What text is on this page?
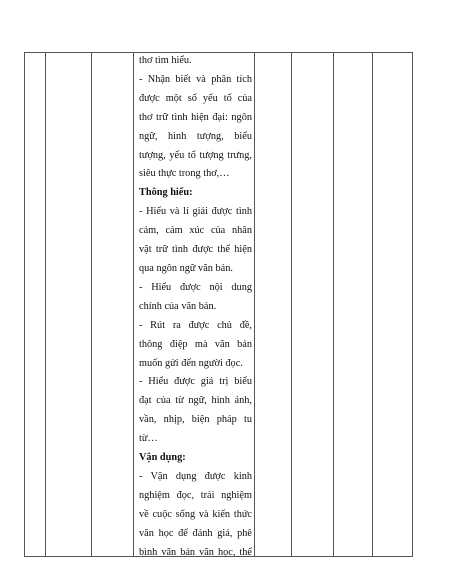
thơ tìm hiểu.

- Nhận biết và phân tích

được một số yếu tố của

thơ trữ tình hiện đại: ngôn

ngữ, hình tượng, biểu

tượng, yếu tố tượng trưng,

siêu thực trong thơ,…

Thông hiểu:

- Hiểu và lí giải được tình

cảm, cảm xúc của nhân

vật trữ tình được thể hiện

qua ngôn ngữ văn bản.

- Hiểu được nội dung

chính của văn bản.

- Rút ra được chủ đề,

thông điệp mà văn bản

muốn gửi đến người đọc.

- Hiểu được giá trị biểu

đạt của từ ngữ, hình ảnh,

vần, nhịp, biện pháp tu

từ…

Vận dụng:

- Vận dụng được kinh

nghiệm đọc, trải nghiệm

về cuộc sống và kiến thức

văn học để đánh giá, phê

bình văn bản văn học, thể
